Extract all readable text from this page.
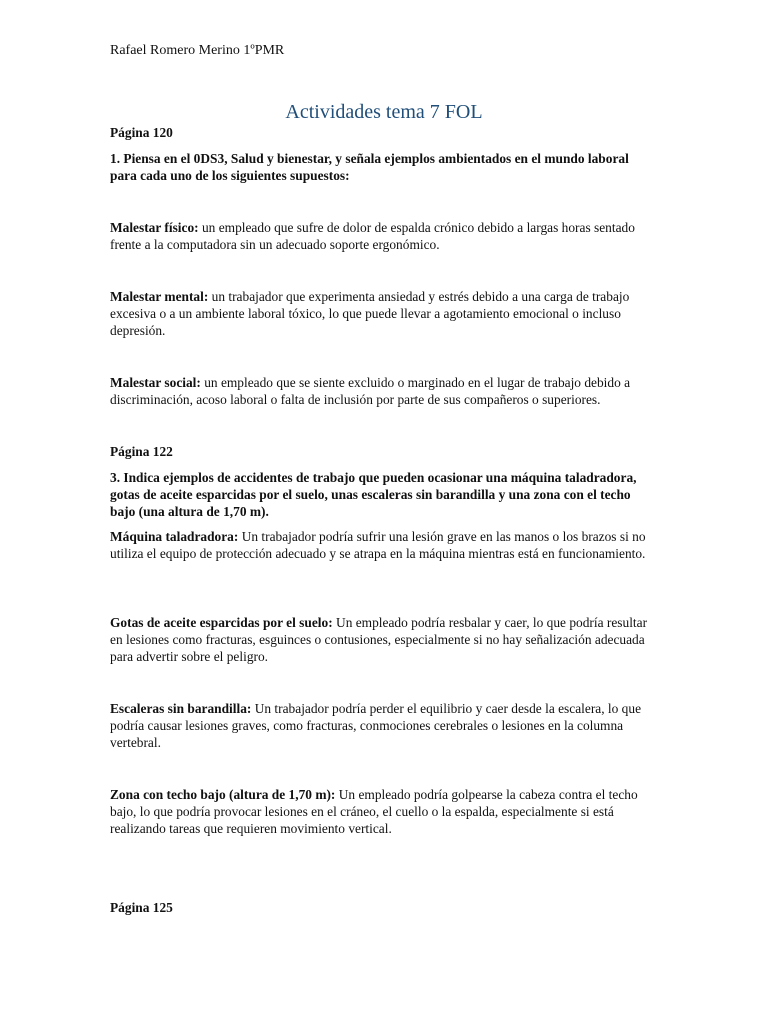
Rafael Romero Merino 1ºPMR
Actividades tema 7 FOL

Página 120

1. Piensa en el 0DS3, Salud y bienestar, y señala ejemplos ambientados en el mundo laboral para cada uno de los siguientes supuestos:

Malestar físico: un empleado que sufre de dolor de espalda crónico debido a largas horas sentado frente a la computadora sin un adecuado soporte ergonómico.

Malestar mental: un trabajador que experimenta ansiedad y estrés debido a una carga de trabajo excesiva o a un ambiente laboral tóxico, lo que puede llevar a agotamiento emocional o incluso depresión.

Malestar social: un empleado que se siente excluido o marginado en el lugar de trabajo debido a discriminación, acoso laboral o falta de inclusión por parte de sus compañeros o superiores.

Página 122

3. Indica ejemplos de accidentes de trabajo que pueden ocasionar una máquina taladradora, gotas de aceite esparcidas por el suelo, unas escaleras sin barandilla y una zona con el techo bajo (una altura de 1,70 m).

Máquina taladradora: Un trabajador podría sufrir una lesión grave en las manos o los brazos si no utiliza el equipo de protección adecuado y se atrapa en la máquina mientras está en funcionamiento.

Gotas de aceite esparcidas por el suelo: Un empleado podría resbalar y caer, lo que podría resultar en lesiones como fracturas, esguinces o contusiones, especialmente si no hay señalización adecuada para advertir sobre el peligro.

Escaleras sin barandilla: Un trabajador podría perder el equilibrio y caer desde la escalera, lo que podría causar lesiones graves, como fracturas, conmociones cerebrales o lesiones en la columna vertebral.

Zona con techo bajo (altura de 1,70 m): Un empleado podría golpearse la cabeza contra el techo bajo, lo que podría provocar lesiones en el cráneo, el cuello o la espalda, especialmente si está realizando tareas que requieren movimiento vertical.

Página 125
